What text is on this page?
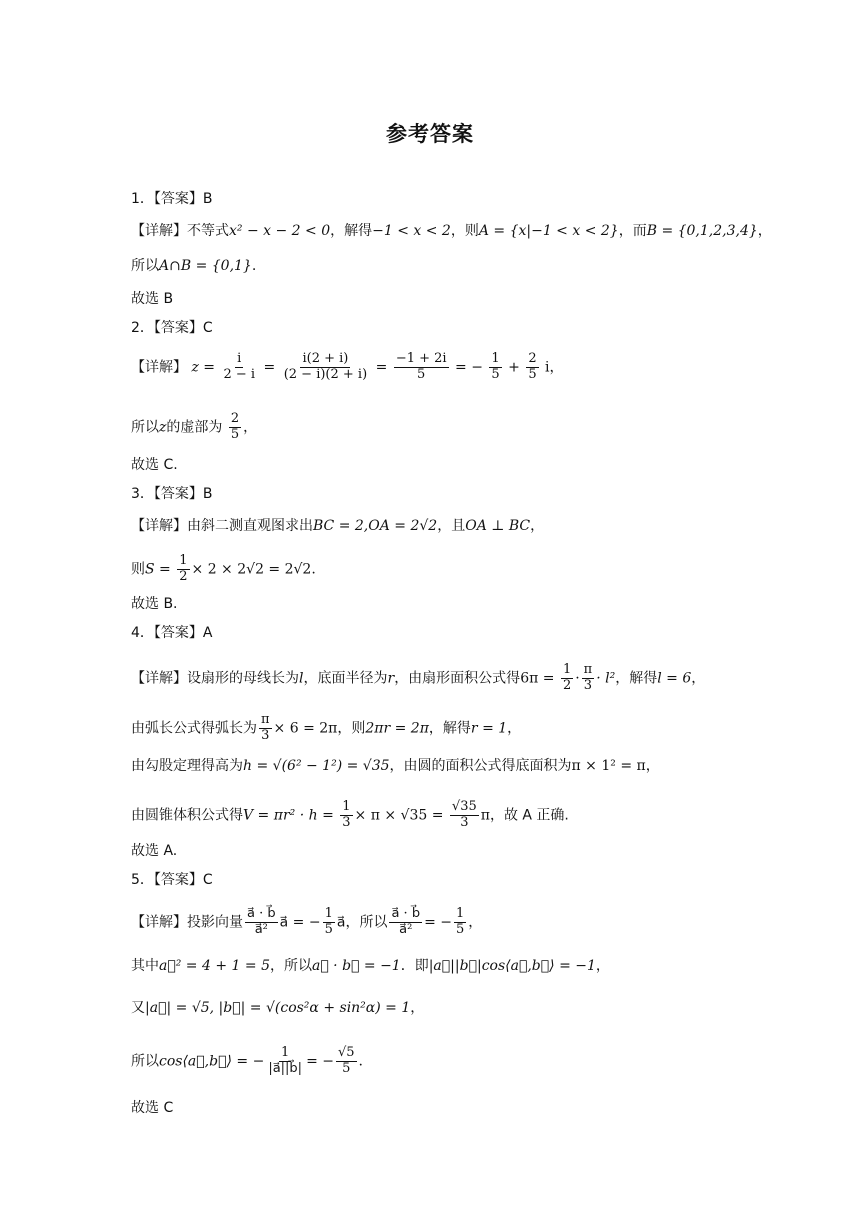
参考答案
1．【答案】B
【详解】不等式x² − x − 2 < 0，解得−1 < x < 2，则A = {x|−1 < x < 2}，而B = {0,1,2,3,4}，
所以A∩B = {0,1}.
故选 B
2．【答案】C
【详解】 $z = \frac{i}{2 - i} = \frac{i(2 + i)}{(2 - i)(2 + i)} = \frac{-1 + 2i}{5}$ = − $\frac{1}{5} + \frac{2}{5}$ i，
所以z的虚部为 $\frac{2}{5}$ ，
故选 C.
3．【答案】B
【详解】由斜二测直观图求出BC = 2,OA = 2√2，且OA ⊥ BC，
则$S = \frac{1}{2} \times 2 \times 2√2 = 2√2$.
故选 B.
4．【答案】A
【详解】设扇形的母线长为l，底面半径为r，由扇形面积公式得$6\pi = \frac{1}{2} \cdot \frac{\pi}{3} \cdot l^2$，解得l = 6，
由弧长公式得弧长为 $\frac{\pi}{3} \times 6 = 2\pi$，则2πr = 2π，解得r = 1，
由勾股定理得高为h = √(6² − 1²) = √35，由圆的面积公式得底面积为π × 1² = π，
由圆锥体积公式得$V = \pi r^2 \cdot h = \frac{1}{3} \times \pi \times √35 = \frac{√35}{3}$ π，故 A 正确.
故选 A.
5．【答案】C
【详解】投影向量 $\frac{a⃗ \cdot b⃗}{\text{a⃗²}}$ a⃗ = − $\frac{1}{5}$ a⃗，所以 $\frac{a⃗ \cdot b⃗}{\text{a⃗²}}$ = − $\frac{1}{5}$ ，
其中a⃗² = 4 + 1 = 5，所以a⃗ · b⃗ = −1．即|a⃗||b⃗|cos⟨a⃗,b⃗⟩ = −1，
又|a⃗| = √5, |b⃗| = √(cos²α + sin²α) = 1，
所以cos⟨a⃗,b⃗⟩ = − $\frac{1}{|a⃗||b⃗|}$ = − $\frac{√5}{5}$ .
故选 C
